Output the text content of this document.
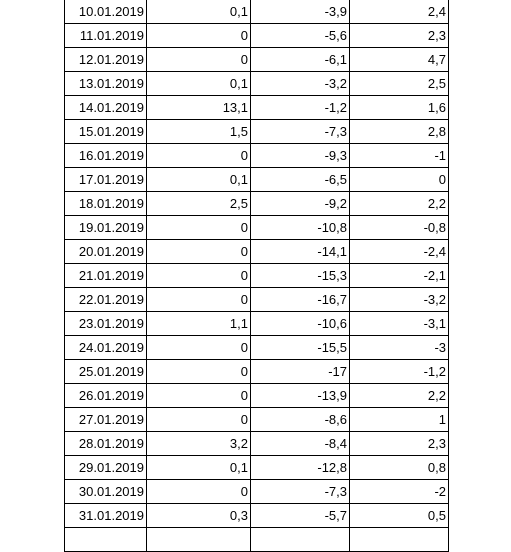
10.01.2019	0,1	-3,9	2,4
11.01.2019	0	-5,6	2,3
12.01.2019	0	-6,1	4,7
13.01.2019	0,1	-3,2	2,5
14.01.2019	13,1	-1,2	1,6
15.01.2019	1,5	-7,3	2,8
16.01.2019	0	-9,3	-1
17.01.2019	0,1	-6,5	0
18.01.2019	2,5	-9,2	2,2
19.01.2019	0	-10,8	-0,8
20.01.2019	0	-14,1	-2,4
21.01.2019	0	-15,3	-2,1
22.01.2019	0	-16,7	-3,2
23.01.2019	1,1	-10,6	-3,1
24.01.2019	0	-15,5	-3
25.01.2019	0	-17	-1,2
26.01.2019	0	-13,9	2,2
27.01.2019	0	-8,6	1
28.01.2019	3,2	-8,4	2,3
29.01.2019	0,1	-12,8	0,8
30.01.2019	0	-7,3	-2
31.01.2019	0,3	-5,7	0,5
